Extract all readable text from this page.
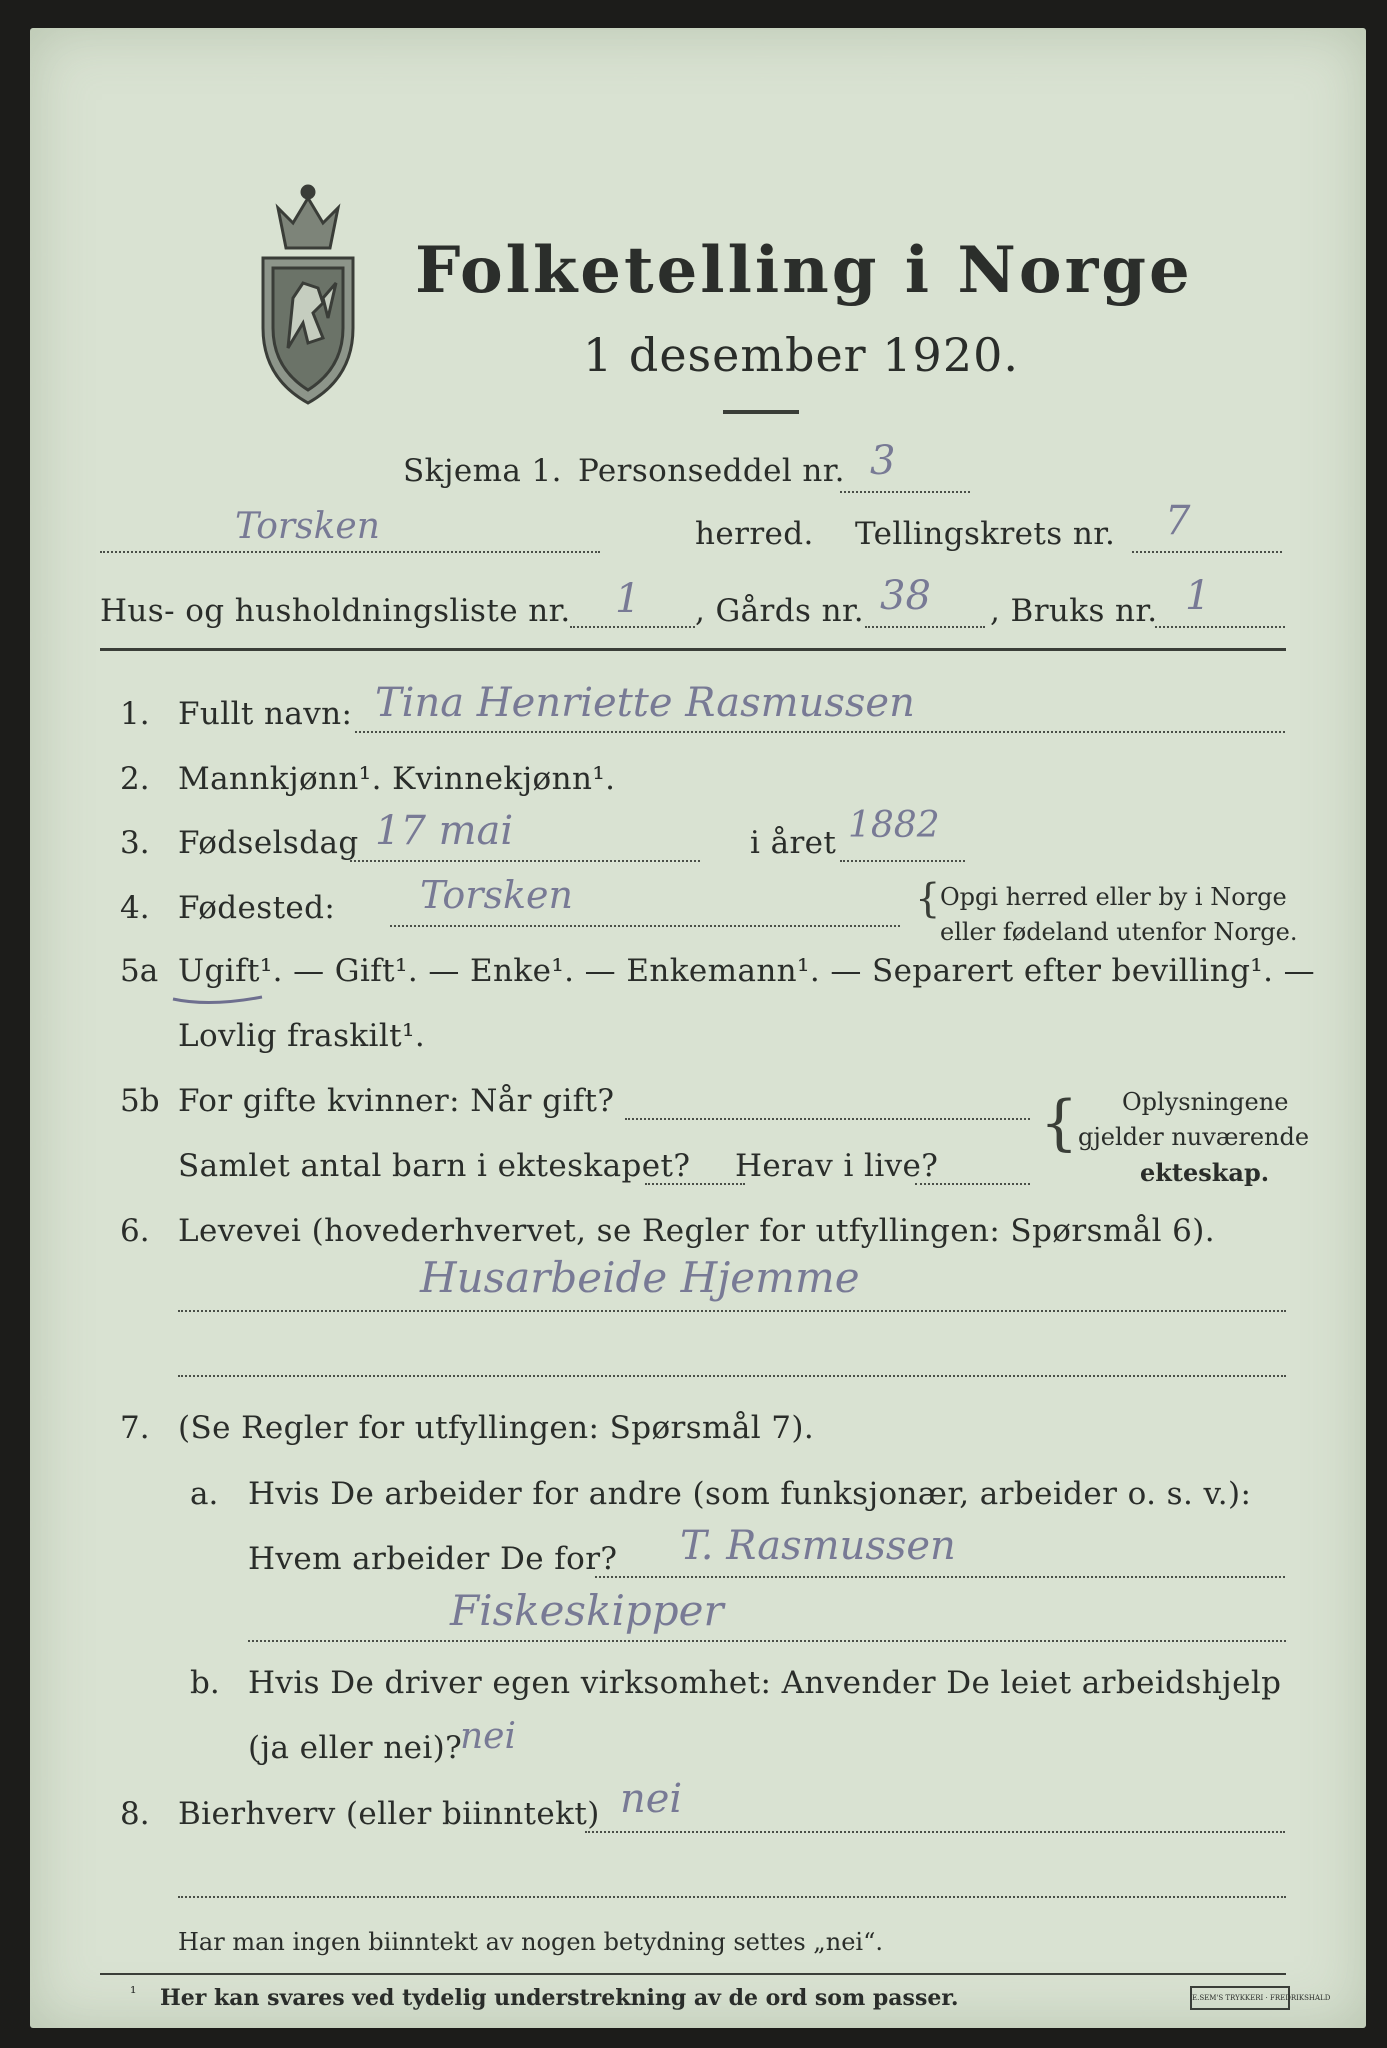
Folketelling i Norge
1 desember 1920.
Skjema 1. Personseddel nr. 3
Torsken	herred. Tellingskrets nr. 7
Hus- og husholdningsliste nr. 1 , Gårds nr. 38 , Bruks nr. 1
1. Fullt navn: Tina Henriette Rasmussen
2. Mannkjønn¹. Kvinnekjønn¹.
3. Fødselsdag 17 mai	i året 1882
4. Fødested: Torsken	{ Opgi herred eller by i Norge
eller fødeland utenfor Norge.
5a Ugift¹. — Gift¹. — Enke¹. — Enkemann¹. — Separert efter bevilling¹. —
Lovlig fraskilt¹.
5b For gifte kvinner: Når gift?
Samlet antal barn i ekteskapet? Herav i live?
{ Oplysningene
gjelder nuværende
ekteskap.
6. Levevei (hovederhvervet, se Regler for utfyllingen: Spørsmål 6).
Husarbeide Hjemme
7. (Se Regler for utfyllingen: Spørsmål 7).
a. Hvis De arbeider for andre (som funksjonær, arbeider o. s. v.):
Hvem arbeider De for? T. Rasmussen
Fiskeskipper
b. Hvis De driver egen virksomhet: Anvender De leiet arbeidshjelp
(ja eller nei)?
nei
8. Bierhverv (eller biinntekt) nei
Har man ingen biinntekt av nogen betydning settes „nei“.
¹ Her kan svares ved tydelig understrekning av de ord som passer.	E.SEM'S TRYKKERI · FREDRIKSHALD
